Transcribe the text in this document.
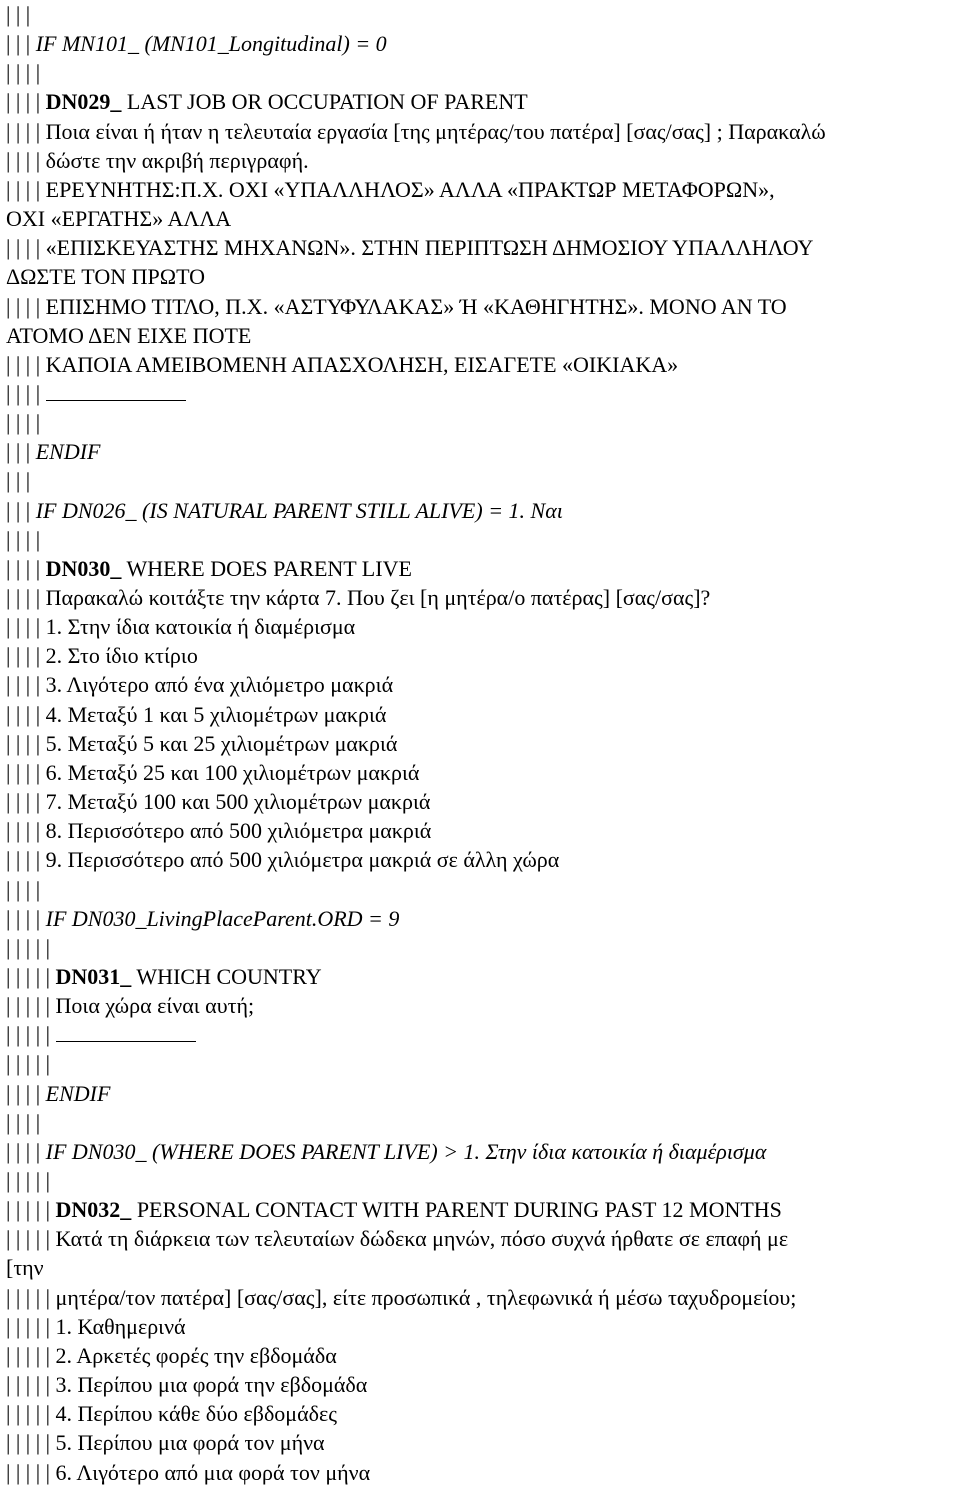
| | |
| | | IF MN101_ (MN101_Longitudinal) = 0
| | | |
| | | | DN029_ LAST JOB OR OCCUPATION OF PARENT
| | | | Ποια είναι ή ήταν η τελευταία εργασία [της μητέρας/του πατέρα] [σας/σας] ; Παρακαλώ
| | | | δώστε την ακριβή περιγραφή.
| | | | ΕΡΕΥΝΗΤΗΣ:Π.Χ. ΟΧΙ «ΥΠΑΛΛΗΛΟΣ» ΑΛΛΑ «ΠΡΑΚΤΩΡ ΜΕΤΑΦΟΡΩΝ»,
ΟΧΙ «ΕΡΓΑΤΗΣ» ΑΛΛΑ
| | | | «ΕΠΙΣΚΕΥΑΣΤΗΣ ΜΗΧΑΝΩΝ». ΣΤΗΝ ΠΕΡΙΠΤΩΣΗ ΔΗΜΟΣΙΟΥ ΥΠΑΛΛΗΛΟΥ
ΔΩΣΤΕ ΤΟΝ ΠΡΩΤΟ
| | | | ΕΠΙΣΗΜΟ ΤΙΤΛΟ, Π.Χ. «ΑΣΤΥΦΥΛΑΚΑΣ» Ή «ΚΑΘΗΓΗΤΗΣ». ΜΟΝΟ ΑΝ ΤΟ
ΑΤΟΜΟ ΔΕΝ ΕΙΧΕ ΠΟΤΕ
| | | | ΚΑΠΟΙΑ ΑΜΕΙΒΟΜΕΝΗ ΑΠΑΣΧΟΛΗΣΗ, ΕΙΣΑΓΕΤΕ «ΟΙΚΙΑΚΑ»
| | | |
| | | |
| | | ENDIF
| | |
| | | IF DN026_ (IS NATURAL PARENT STILL ALIVE) = 1. Ναι
| | | |
| | | | DN030_ WHERE DOES PARENT LIVE
| | | | Παρακαλώ κοιτάξτε την κάρτα 7. Που ζει [η μητέρα/ο πατέρας] [σας/σας]?
| | | | 1. Στην ίδια κατοικία ή διαμέρισμα
| | | | 2. Στο ίδιο κτίριο
| | | | 3. Λιγότερο από ένα χιλιόμετρο μακριά
| | | | 4. Μεταξύ 1 και 5 χιλιομέτρων μακριά
| | | | 5. Μεταξύ 5 και 25 χιλιομέτρων μακριά
| | | | 6. Μεταξύ 25 και 100 χιλιομέτρων μακριά
| | | | 7. Μεταξύ 100 και 500 χιλιομέτρων μακριά
| | | | 8. Περισσότερο από 500 χιλιόμετρα μακριά
| | | | 9. Περισσότερο από 500 χιλιόμετρα μακριά σε άλλη χώρα
| | | |
| | | | IF DN030_LivingPlaceParent.ORD = 9
| | | | |
| | | | | DN031_ WHICH COUNTRY
| | | | | Ποια χώρα είναι αυτή;
| | | | |
| | | | |
| | | | ENDIF
| | | |
| | | | IF DN030_ (WHERE DOES PARENT LIVE) > 1. Στην ίδια κατοικία ή διαμέρισμα
| | | | |
| | | | | DN032_ PERSONAL CONTACT WITH PARENT DURING PAST 12 MONTHS
| | | | | Κατά τη διάρκεια των τελευταίων δώδεκα μηνών, πόσο συχνά ήρθατε σε επαφή με
[την
| | | | | μητέρα/τον πατέρα] [σας/σας], είτε προσωπικά , τηλεφωνικά ή μέσω ταχυδρομείου;
| | | | | 1. Καθημερινά
| | | | | 2. Αρκετές φορές την εβδομάδα
| | | | | 3. Περίπου μια φορά την εβδομάδα
| | | | | 4. Περίπου κάθε δύο εβδομάδες
| | | | | 5. Περίπου μια φορά τον μήνα
| | | | | 6. Λιγότερο από μια φορά τον μήνα
